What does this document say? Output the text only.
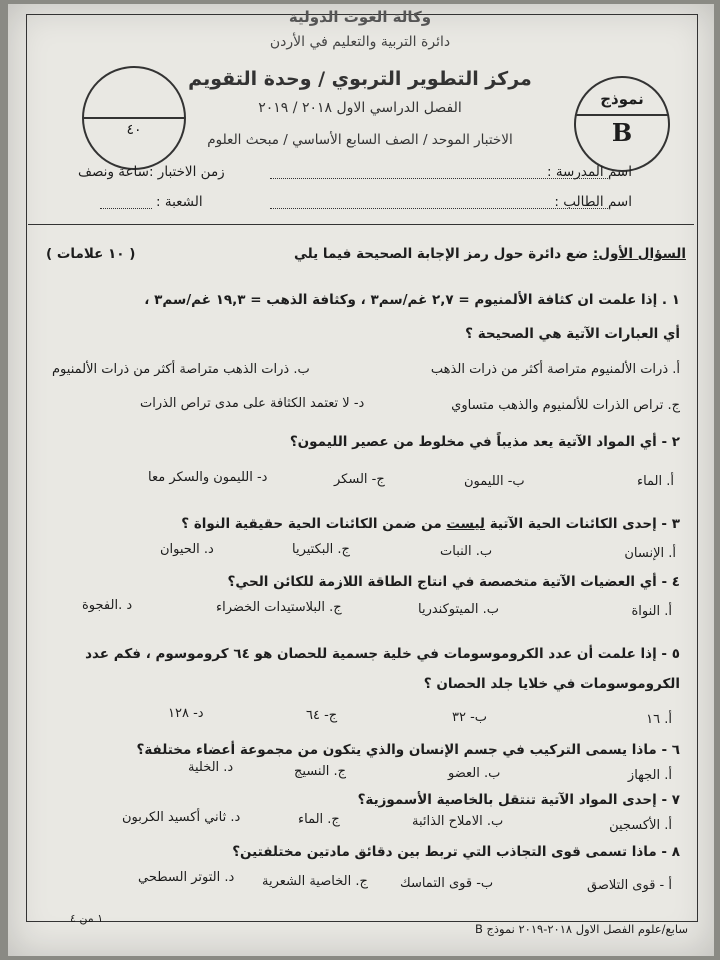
وكالة الغوث الدولية
دائرة التربية والتعليم في الأردن
مركز التطوير التربوي / وحدة التقويم
الفصل الدراسي الاول ٢٠١٨ / ٢٠١٩
الاختبار الموحد / الصف السابع الأساسي / مبحث العلوم
٤٠
نموذج
B
اسم المدرسة :
زمن الاختبار :ساعة ونصف
اسم الطالب :
الشعبة :
السؤال الأول: ضع دائرة حول رمز الإجابة الصحيحة فيما يلي
( ١٠ علامات )
١ . إذا علمت ان كثافة الألمنيوم = ٢,٧ غم/سم٣ ، وكثافة الذهب = ١٩,٣ غم/سم٣ ،
أي العبارات الآتية هي الصحيحة ؟
أ. ذرات الألمنيوم متراصة أكثر من ذرات الذهب
ب. ذرات الذهب متراصة أكثر من ذرات الألمنيوم
ج. تراص الذرات للألمنيوم والذهب متساوي
د- لا تعتمد الكثافة على مدى تراص الذرات
٢ - أي المواد الآتية يعد مذيباً في مخلوط من عصير الليمون؟
أ. الماء
ب- الليمون
ج- السكر
د- الليمون والسكر معا
٣ - إحدى الكائنات الحية الآتية ليست من ضمن الكائنات الحية حقيقية النواة ؟
أ. الإنسان
ب. النبات
ج. البكتيريا
د. الحيوان
٤ - أي العضيات الآتية متخصصة في انتاج الطاقة اللازمة للكائن الحي؟
أ. النواة
ب. الميتوكندريا
ج. البلاستيدات الخضراء
د .الفجوة
٥ - إذا علمت أن عدد الكروموسومات في خلية جسمية للحصان هو ٦٤ كروموسوم ، فكم عدد
الكروموسومات في خلايا جلد الحصان ؟
أ. ١٦
ب- ٣٢
ج- ٦٤
د- ١٢٨
٦ - ماذا يسمى التركيب في جسم الإنسان والذي يتكون من مجموعة أعضاء مختلفة؟
أ. الجهاز
ب. العضو
ج. النسيج
د. الخلية
٧ - إحدى المواد الآتية تنتقل بالخاصية الأسموزية؟
أ. الأكسجين
ب. الاملاح الذائبة
ج. الماء
د. ثاني أكسيد الكربون
٨ - ماذا تسمى قوى التجاذب التي تربط بين دقائق مادتين مختلفتين؟
أ - قوى التلاصق
ب- قوى التماسك
ج. الخاصية الشعرية
د. التوتر السطحي
١ من ٤
سابع/علوم الفصل الاول ٢٠١٨-٢٠١٩ نموذج B
